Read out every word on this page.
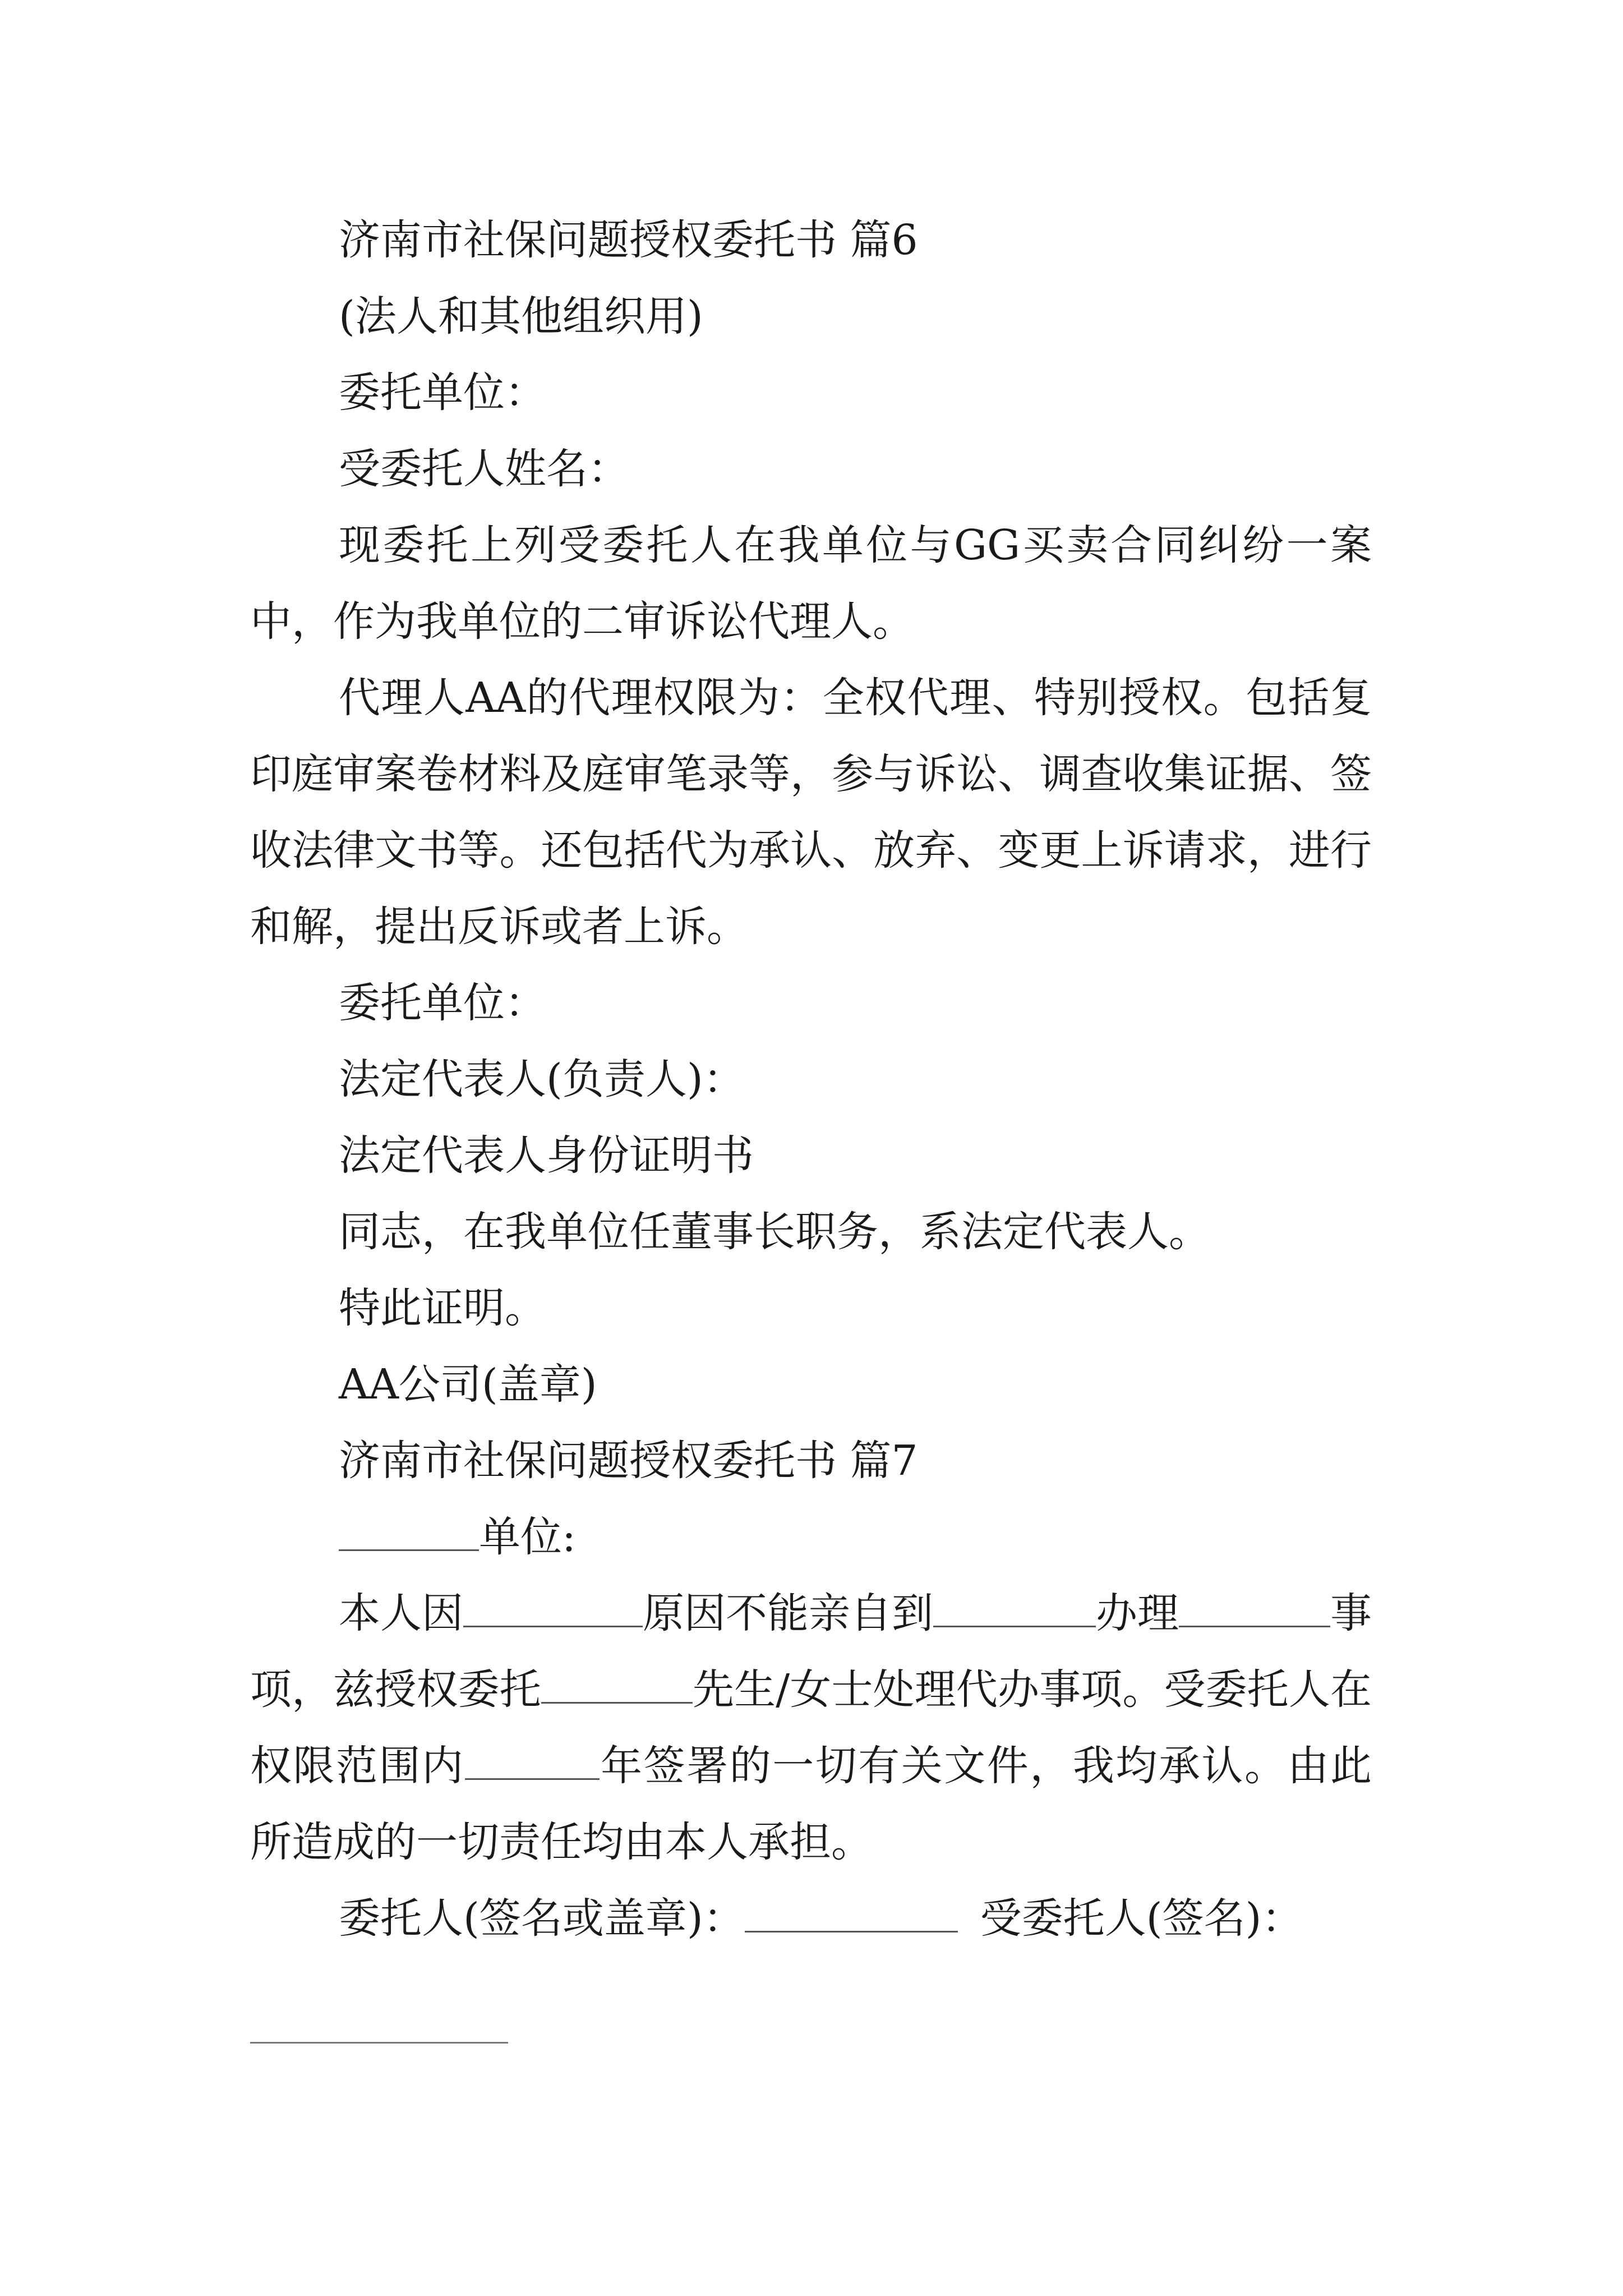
济南市社保问题授权委托书 篇6

(法人和其他组织用)

委托单位：

受委托人姓名：

现委托上列受委托人在我单位与GG买卖合同纠纷一案中，作为我单位的二审诉讼代理人。

代理人AA的代理权限为：全权代理、特别授权。包括复印庭审案卷材料及庭审笔录等，参与诉讼、调查收集证据、签收法律文书等。还包括代为承认、放弃、变更上诉请求，进行和解，提出反诉或者上诉。

委托单位：

法定代表人(负责人)：

法定代表人身份证明书

同志，在我单位任董事长职务，系法定代表人。

特此证明。

AA公司(盖章)

济南市社保问题授权委托书 篇7

单位:

本人因	原因不能亲自到	办理	事项，兹授权委托	先生/女士处理代办事项。受委托人在权限范围内	年签署的一切有关文件，我均承认。由此所造成的一切责任均由本人承担。

委托人(签名或盖章)：	受委托人(签名)：
